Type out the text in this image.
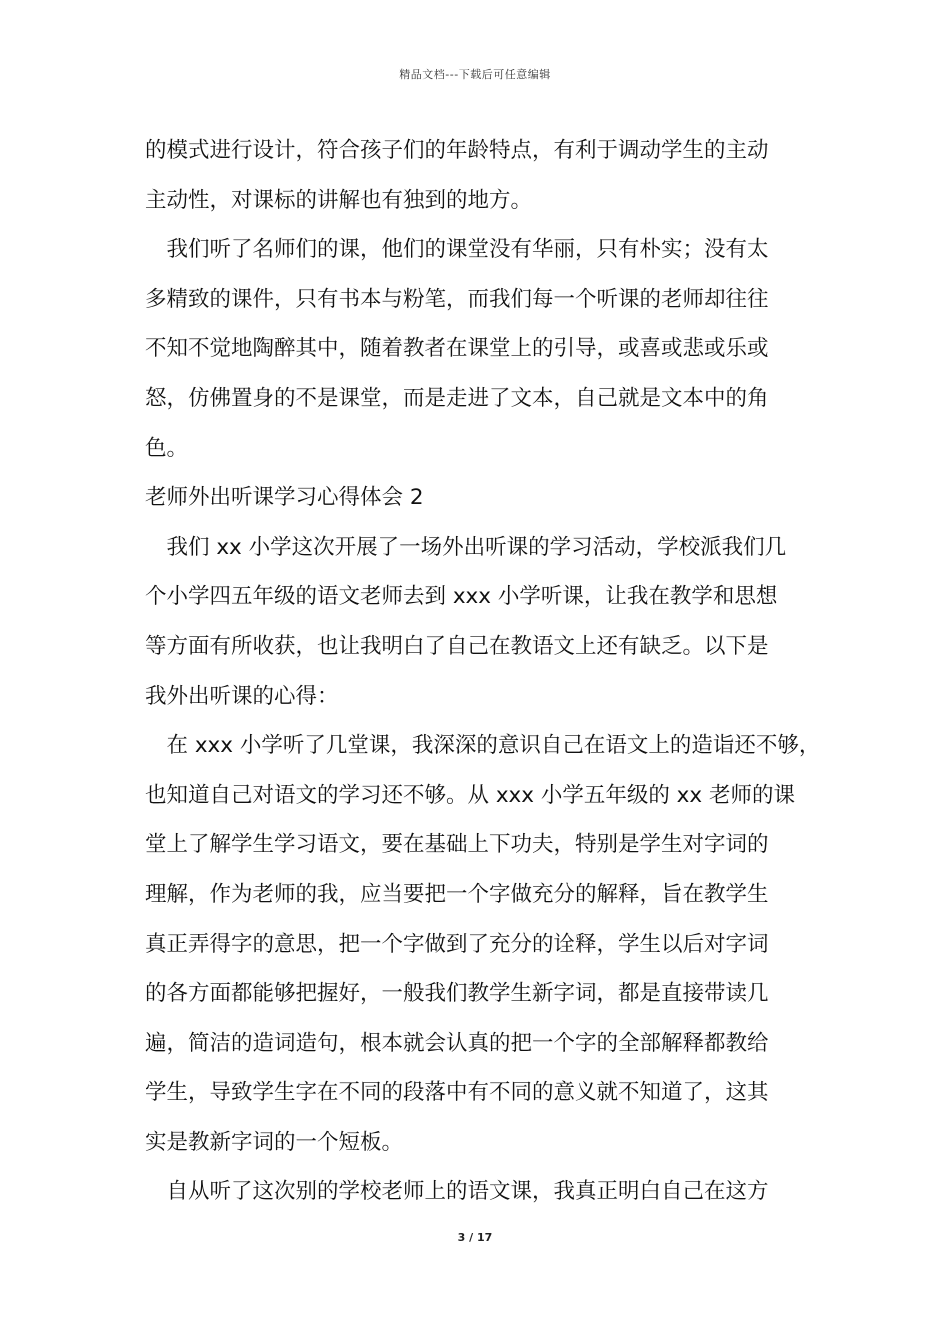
精品文档---下载后可任意编辑
的模式进行设计，符合孩子们的年龄特点，有利于调动学生的主动
主动性，对课标的讲解也有独到的地方。
　我们听了名师们的课，他们的课堂没有华丽，只有朴实；没有太
多精致的课件，只有书本与粉笔，而我们每一个听课的老师却往往
不知不觉地陶醉其中，随着教者在课堂上的引导，或喜或悲或乐或
怒，仿佛置身的不是课堂，而是走进了文本，自己就是文本中的角
色。
老师外出听课学习心得体会 2
　我们 xx 小学这次开展了一场外出听课的学习活动，学校派我们几
个小学四五年级的语文老师去到 xxx 小学听课，让我在教学和思想
等方面有所收获，也让我明白了自己在教语文上还有缺乏。以下是
我外出听课的心得：
　在 xxx 小学听了几堂课，我深深的意识自己在语文上的造诣还不够，
也知道自己对语文的学习还不够。从 xxx 小学五年级的 xx 老师的课
堂上了解学生学习语文，要在基础上下功夫，特别是学生对字词的
理解，作为老师的我，应当要把一个字做充分的解释，旨在教学生
真正弄得字的意思，把一个字做到了充分的诠释，学生以后对字词
的各方面都能够把握好，一般我们教学生新字词，都是直接带读几
遍，简洁的造词造句，根本就会认真的把一个字的全部解释都教给
学生，导致学生字在不同的段落中有不同的意义就不知道了，这其
实是教新字词的一个短板。
　自从听了这次别的学校老师上的语文课，我真正明白自己在这方
3 / 17
